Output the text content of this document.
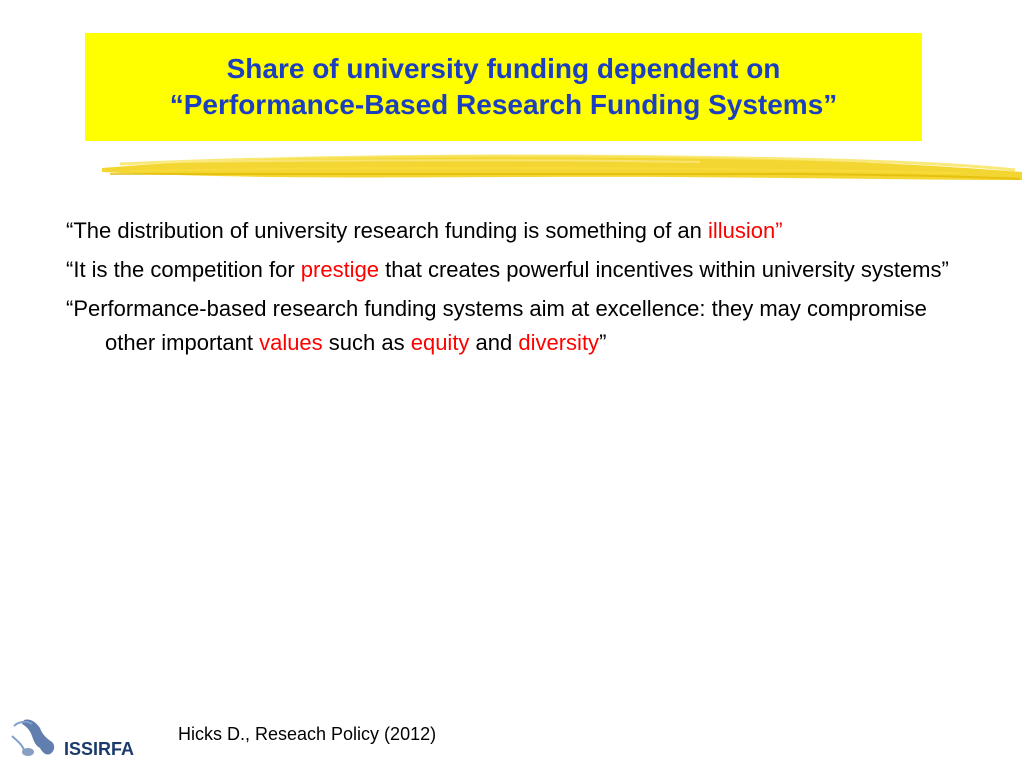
Share of university funding dependent on
“Performance-Based Research Funding Systems”

“The distribution of university research funding is something of an illusion”

“It is the competition for prestige that creates powerful incentives within university systems”

“Performance-based research funding systems aim at excellence: they may compromise other important values such as equity and diversity”

ISSIRFA
Hicks D., Reseach Policy (2012)
